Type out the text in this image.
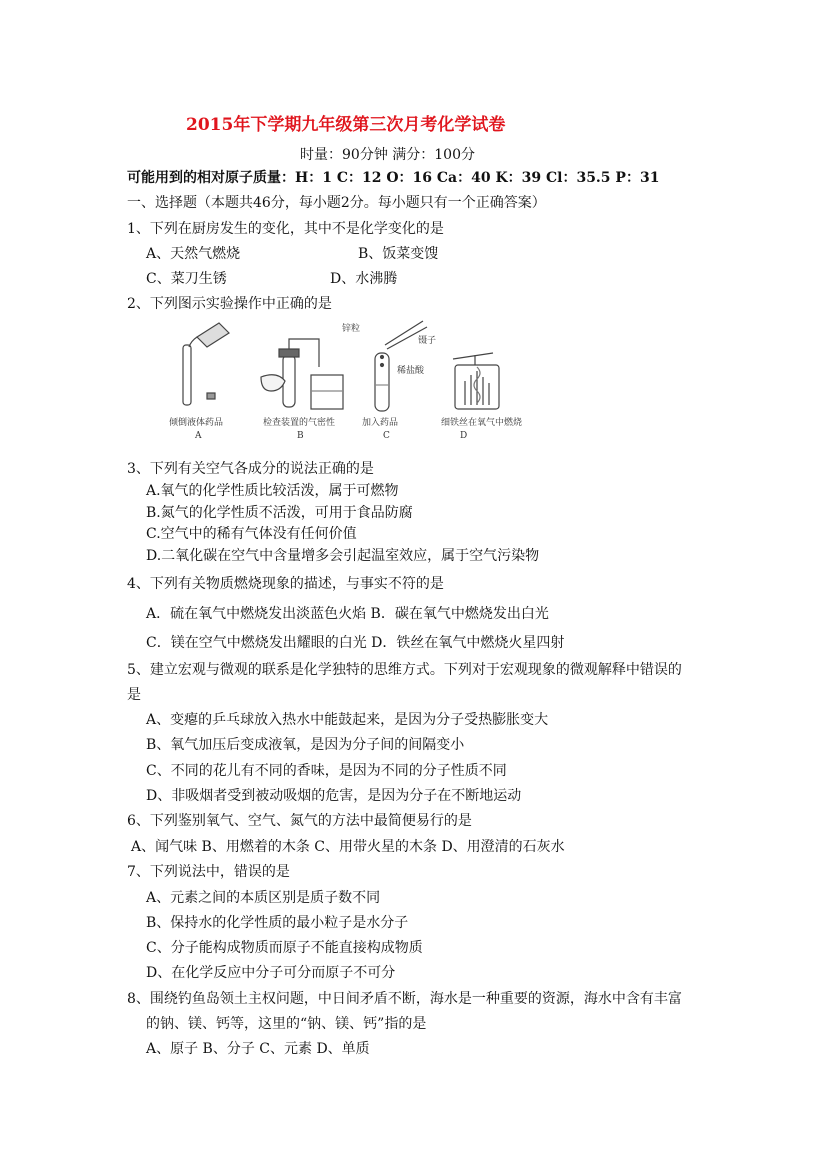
2015年下学期九年级第三次月考化学试卷
时量：90分钟 满分：100分
可能用到的相对原子质量：H：1 C：12 O：16 Ca：40 K：39 Cl：35.5 P：31
一、选择题（本题共46分，每小题2分。每小题只有一个正确答案）
1、下列在厨房发生的变化，其中不是化学变化的是
A、天然气燃烧	B、饭菜变馊
C、菜刀生锈	D、水沸腾
2、下列图示实验操作中正确的是
锌粒
镊子
稀盐酸
倾倒液体药品	检查装置的气密性	加入药品	细铁丝在氧气中燃烧
A	B	C	D
3、下列有关空气各成分的说法正确的是
A.氧气的化学性质比较活泼，属于可燃物
B.氮气的化学性质不活泼，可用于食品防腐
C.空气中的稀有气体没有任何价值
D.二氧化碳在空气中含量增多会引起温室效应，属于空气污染物
4、下列有关物质燃烧现象的描述，与事实不符的是
A．硫在氧气中燃烧发出淡蓝色火焰 B．碳在氧气中燃烧发出白光
C．镁在空气中燃烧发出耀眼的白光 D．铁丝在氧气中燃烧火星四射
5、建立宏观与微观的联系是化学独特的思维方式。下列对于宏观现象的微观解释中错误的
是
A、变瘪的乒乓球放入热水中能鼓起来，是因为分子受热膨胀变大
B、氧气加压后变成液氧，是因为分子间的间隔变小
C、不同的花儿有不同的香味，是因为不同的分子性质不同
D、非吸烟者受到被动吸烟的危害，是因为分子在不断地运动
6、下列鉴别氧气、空气、氮气的方法中最简便易行的是
A、闻气味 B、用燃着的木条 C、用带火星的木条 D、用澄清的石灰水
7、下列说法中，错误的是
A、元素之间的本质区别是质子数不同
B、保持水的化学性质的最小粒子是水分子
C、分子能构成物质而原子不能直接构成物质
D、在化学反应中分子可分而原子不可分
8、围绕钓鱼岛领土主权问题，中日间矛盾不断，海水是一种重要的资源，海水中含有丰富
的钠、镁、钙等，这里的“钠、镁、钙”指的是
A、原子 B、分子 C、元素 D、单质
